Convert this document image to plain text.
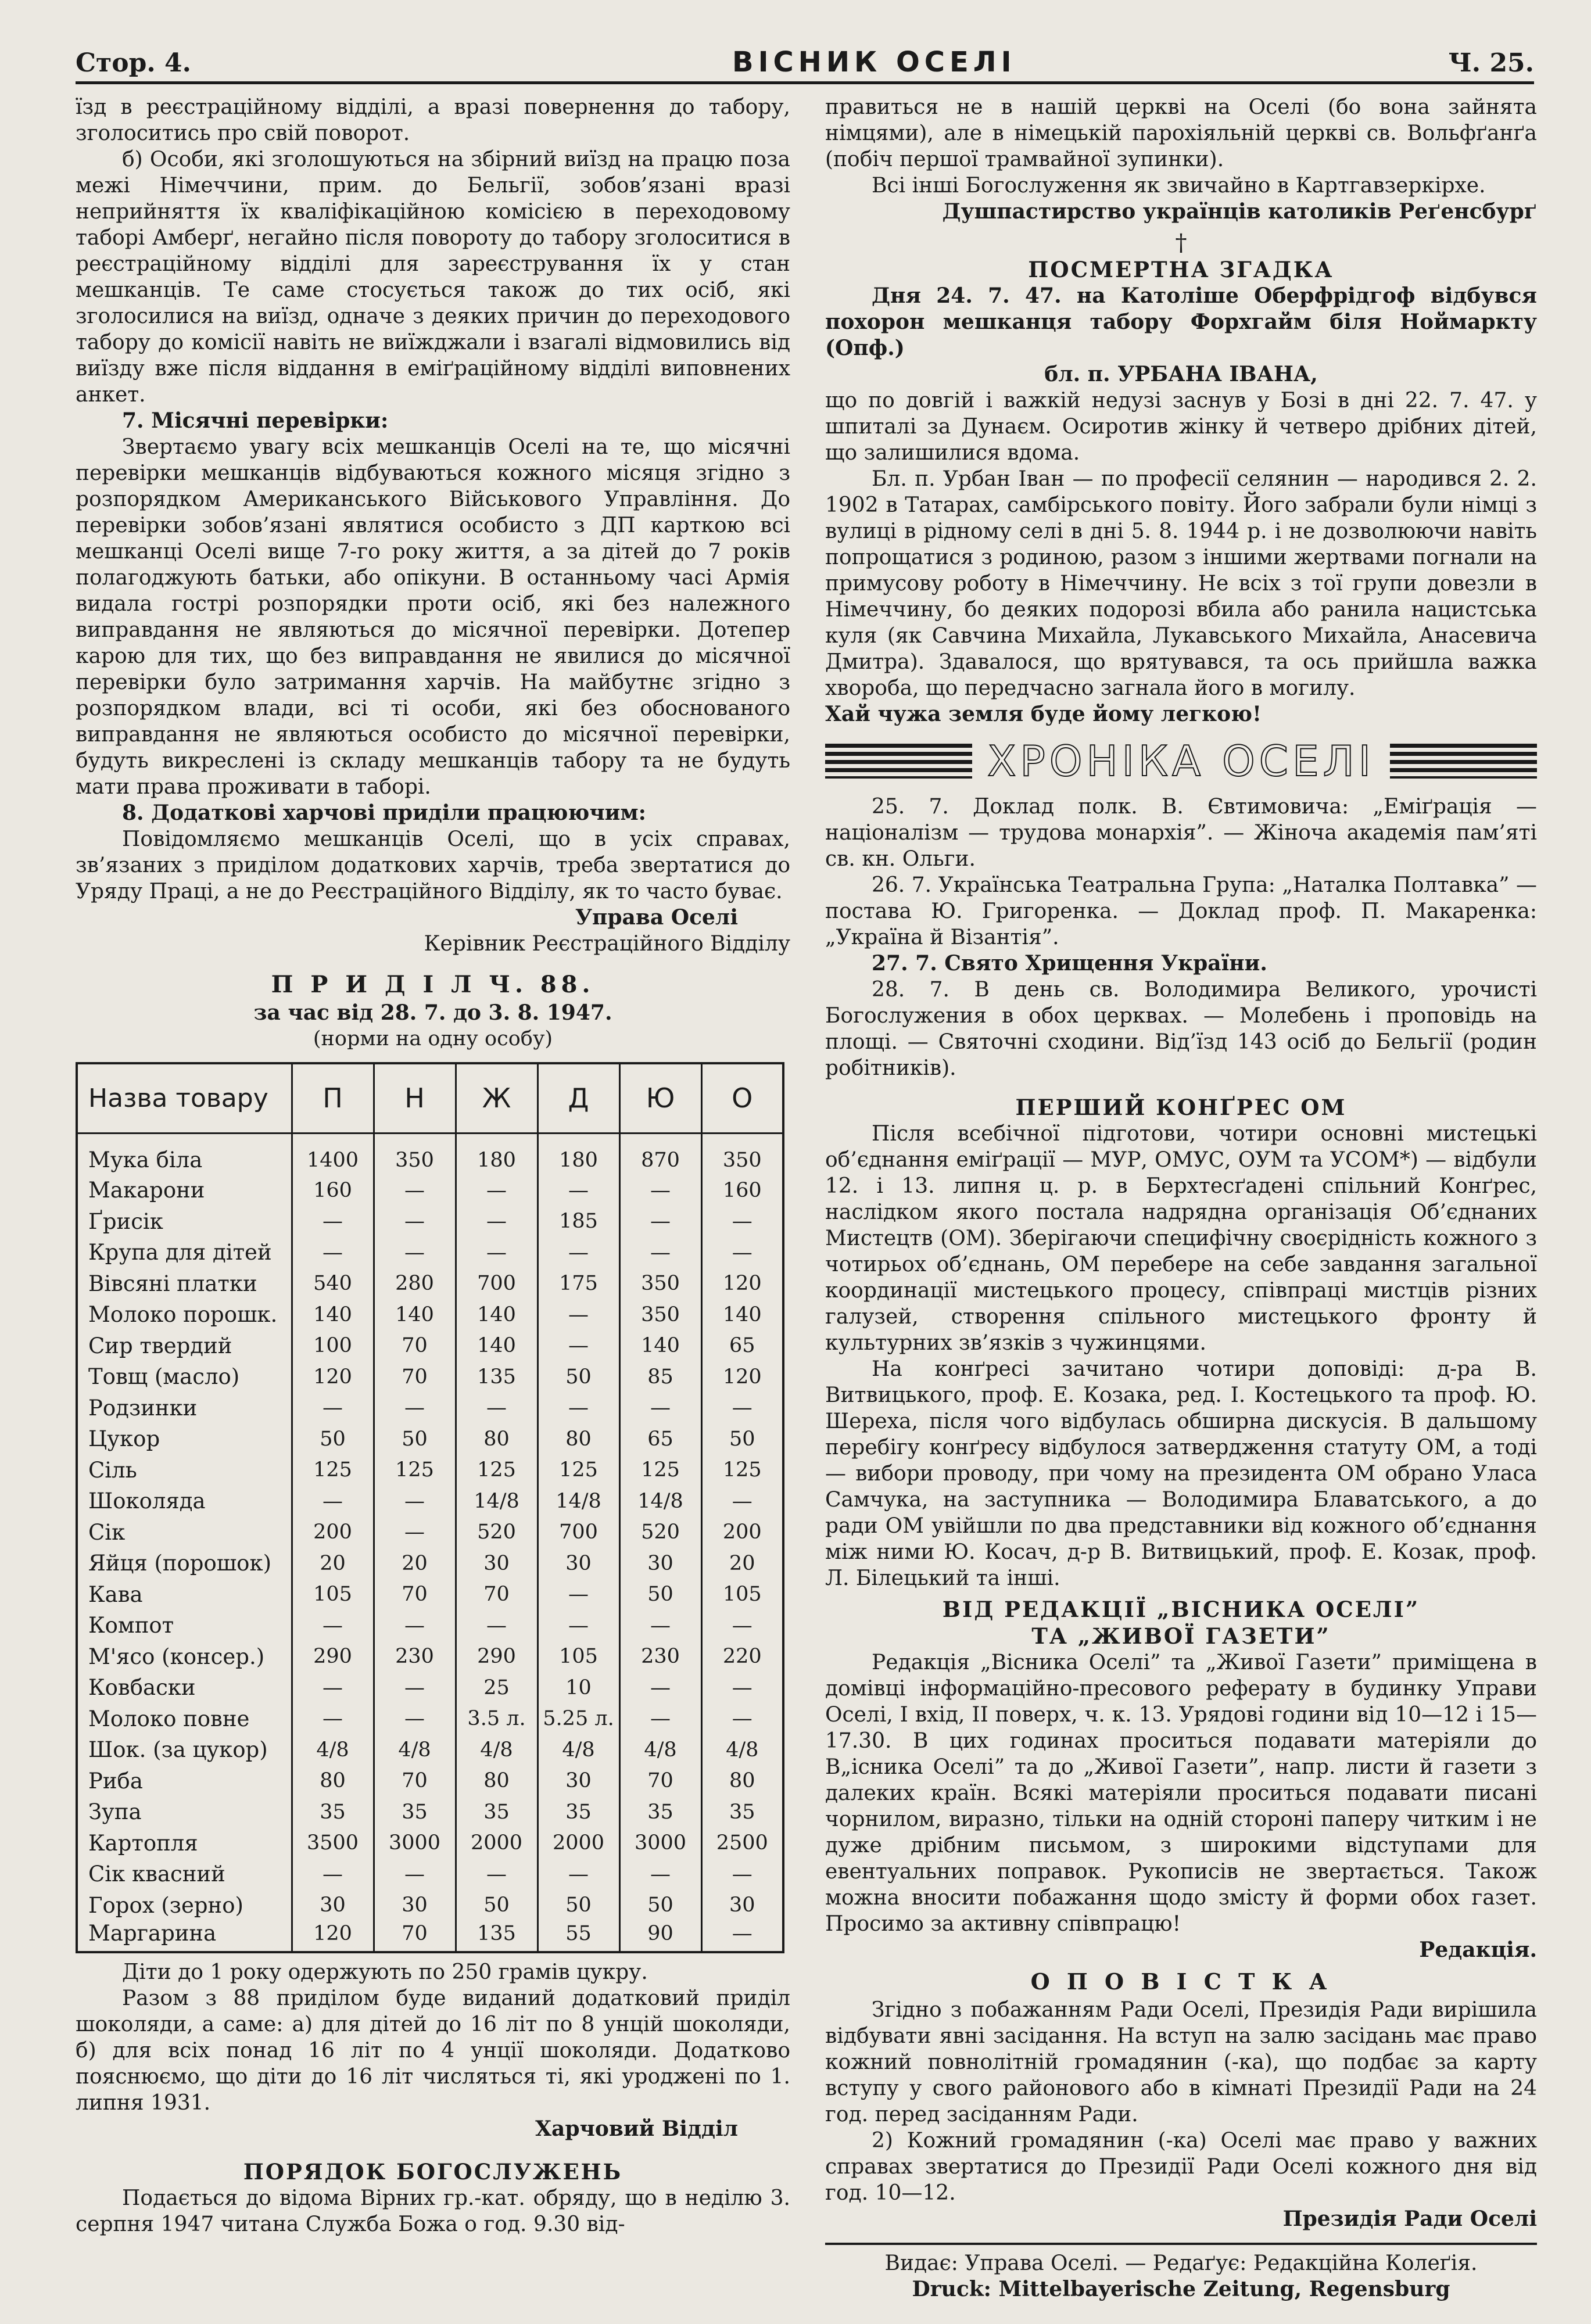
Стор. 4.	ВІСНИК ОСЕЛІ	Ч. 25.

їзд в реєстраційному відділі, а вразі повернення до табору, зголоситись про свій поворот.

б) Особи, які зголошуються на збірний виїзд на працю поза межі Німеччини, прим. до Бельгії, зобов’язані вразі неприйняття їх кваліфікаційною комісією в переходовому таборі Амберґ, негайно після повороту до табору зголоситися в реєстраційному відділі для зареєстрування їх у стан мешканців. Те саме стосується також до тих осіб, які зголосилися на виїзд, одначе з деяких причин до переходового табору до комісії навіть не виїжджали і взагалі відмовились від виїзду вже після віддання в еміґраційному відділі виповнених анкет.

7. Місячні перевірки:

Звертаємо увагу всіх мешканців Оселі на те, що місячні перевірки мешканців відбуваються кожного місяця згідно з розпорядком Американського Військового Управління. До перевірки зобов’язані являтися особисто з ДП карткою всі мешканці Оселі вище 7-го року життя, а за дітей до 7 років полагоджують батьки, або опікуни. В останньому часі Армія видала гострі розпорядки проти осіб, які без належного виправдання не являються до місячної перевірки. Дотепер карою для тих, що без виправдання не явилися до місячної перевірки було затримання харчів. На майбутнє згідно з розпорядком влади, всі ті особи, які без обоснованого виправдання не являються особисто до місячної перевірки, будуть викреслені із складу мешканців табору та не будуть мати права проживати в таборі.

8. Додаткові харчові приділи працюючим:

Повідомляємо мешканців Оселі, що в усіх справах, зв’язаних з приділом додаткових харчів, треба звертатися до Уряду Праці, а не до Реєстраційного Відділу, як то часто буває.

Управа Оселі

Керівник Реєстраційного Відділу

П Р И Д І Л Ч. 88.

за час від 28. 7. до 3. 8. 1947.

(норми на одну особу)

Назва товару	П	Н	Ж	Д	Ю	О
Мука біла	1400	350	180	180	870	350
Макарони	160	—	—	—	—	160
Ґрисік	—	—	—	185	—	—
Крупа для дітей	—	—	—	—	—	—
Вівсяні платки	540	280	700	175	350	120
Молоко порошк.	140	140	140	—	350	140
Сир твердий	100	70	140	—	140	65
Товщ (масло)	120	70	135	50	85	120
Родзинки	—	—	—	—	—	—
Цукор	50	50	80	80	65	50
Сіль	125	125	125	125	125	125
Шоколяда	—	—	14/8	14/8	14/8	—
Сік	200	—	520	700	520	200
Яйця (порошок)	20	20	30	30	30	20
Кава	105	70	70	—	50	105
Компот	—	—	—	—	—	—
М'ясо (консер.)	290	230	290	105	230	220
Ковбаски	—	—	25	10	—	—
Молоко повне	—	—	3.5 л.	5.25 л.	—	—
Шок. (за цукор)	4/8	4/8	4/8	4/8	4/8	4/8
Риба	80	70	80	30	70	80
Зупа	35	35	35	35	35	35
Картопля	3500	3000	2000	2000	3000	2500
Сік квасний	—	—	—	—	—	—
Горох (зерно)	30	30	50	50	50	30
Маргарина	120	70	135	55	90	—

Діти до 1 року одержують по 250 грамів цукру.

Разом з 88 приділом буде виданий додатковий приділ шоколяди, а саме: а) для дітей до 16 літ по 8 унцій шоколяди, б) для всіх понад 16 літ по 4 унції шоколяди. Додатково пояснюємо, що діти до 16 літ числяться ті, які уроджені по 1. липня 1931.

Харчовий Відділ

ПОРЯДОК БОГОСЛУЖЕНЬ

Подається до відома Вірних гр.-кат. обряду, що в неділю 3. серпня 1947 читана Служба Божа о год. 9.30 від-

правиться не в нашій церкві на Оселі (бо вона зайнята німцями), але в німецькій парохіяльній церкві св. Вольфґанґа (побіч першої трамвайної зупинки).

Всі інші Богослуження як звичайно в Картгавзеркірхе.

Душпастирство українців католиків Реґенсбурґ

†

ПОСМЕРТНА ЗГАДКА

Дня 24. 7. 47. на Католіше Оберфрідгоф відбувся похорон мешканця табору Форхгайм біля Ноймаркту (Опф.)

бл. п. УРБАНА ІВАНА,

що по довгій і важкій недузі заснув у Бозі в дні 22. 7. 47. у шпиталі за Дунаєм. Осиротив жінку й четверо дрібних дітей, що залишилися вдома.

Бл. п. Урбан Іван — по професії селянин — народився 2. 2. 1902 в Татарах, самбірського повіту. Його забрали були німці з вулиці в рідному селі в дні 5. 8. 1944 р. і не дозволюючи навіть попрощатися з родиною, разом з іншими жертвами погнали на примусову роботу в Німеччину. Не всіх з тої групи довезли в Німеччину, бо деяких подорозі вбила або ранила нацистська куля (як Савчина Михайла, Лукавського Михайла, Анасевича Дмитра). Здавалося, що врятувався, та ось прийшла важка хвороба, що передчасно загнала його в могилу.

Хай чужа земля буде йому легкою!

ХРОНІКА ОСЕЛІ

25. 7. Доклад полк. В. Євтимовича: „Еміґрація — націоналізм — трудова монархія”. — Жіноча академія пам’яті св. кн. Ольги.

26. 7. Українська Театральна Група: „Наталка Полтавка” — постава Ю. Григоренка. — Доклад проф. П. Макаренка: „Україна й Візантія”.

27. 7. Свято Хрищення України.

28. 7. В день св. Володимира Великого, урочисті Богослужения в обох церквах. — Молебень і проповідь на площі. — Святочні сходини. Від’їзд 143 осіб до Бельгії (родин робітників).

ПЕРШИЙ КОНҐРЕС ОМ

Після всебічної підготови, чотири основні мистецькі об’єднання еміґрації — МУР, ОМУС, ОУМ та УСОМ*) — відбули 12. і 13. липня ц. р. в Берхтесґадені спільний Конґрес, наслідком якого постала надрядна організація Об’єднаних Мистецтв (ОМ). Зберігаючи специфічну своєрідність кожного з чотирьох об’єднань, ОМ перебере на себе завдання загальної координації мистецького процесу, співпраці мистців різних галузей, створення спільного мистецького фронту й культурних зв’язків з чужинцями.

На конґресі зачитано чотири доповіді: д-ра В. Витвицького, проф. Е. Козака, ред. І. Костецького та проф. Ю. Шереха, після чого відбулась обширна дискусія. В дальшому перебігу конґресу відбулося затвердження статуту ОМ, а тоді — вибори проводу, при чому на президента ОМ обрано Уласа Самчука, на заступника — Володимира Блаватського, а до ради ОМ увійшли по два представники від кожного об’єднання між ними Ю. Косач, д-р В. Витвицький, проф. Е. Козак, проф. Л. Білецький та інші.

ВІД РЕДАКЦІЇ „ВІСНИКА ОСЕЛІ”

ТА „ЖИВОЇ ГАЗЕТИ”

Редакція „Вісника Оселі” та „Живої Газети” приміщена в домівці інформаційно-пресового реферату в будинку Управи Оселі, I вхід, II поверх, ч. к. 13. Урядові години від 10—12 і 15—17.30. В цих годинах проситься подавати матеріяли до В„існика Оселі” та до „Живої Газети”, напр. листи й газети з далеких країн. Всякі матеріяли проситься подавати писані чорнилом, виразно, тільки на одній стороні паперу читким і не дуже дрібним письмом, з широкими відступами для евентуальних поправок. Рукописів не звертається. Також можна вносити побажання щодо змісту й форми обох газет. Просимо за активну співпрацю!

Редакція.

О П О В І С Т К А

Згідно з побажанням Ради Оселі, Президія Ради вирішила відбувати явні засідання. На вступ на залю засідань має право кожний повнолітній громадянин (-ка), що подбає за карту вступу у свого районового або в кімнаті Президії Ради на 24 год. перед засіданням Ради.

2) Кожний громадянин (-ка) Оселі має право у важних справах звертатися до Президії Ради Оселі кожного дня від год. 10—12.

Президія Ради Оселі

Видає: Управа Оселі. — Редаґує: Редакційна Колеґія.

Druck: Mittelbayerische Zeitung, Regensburg
